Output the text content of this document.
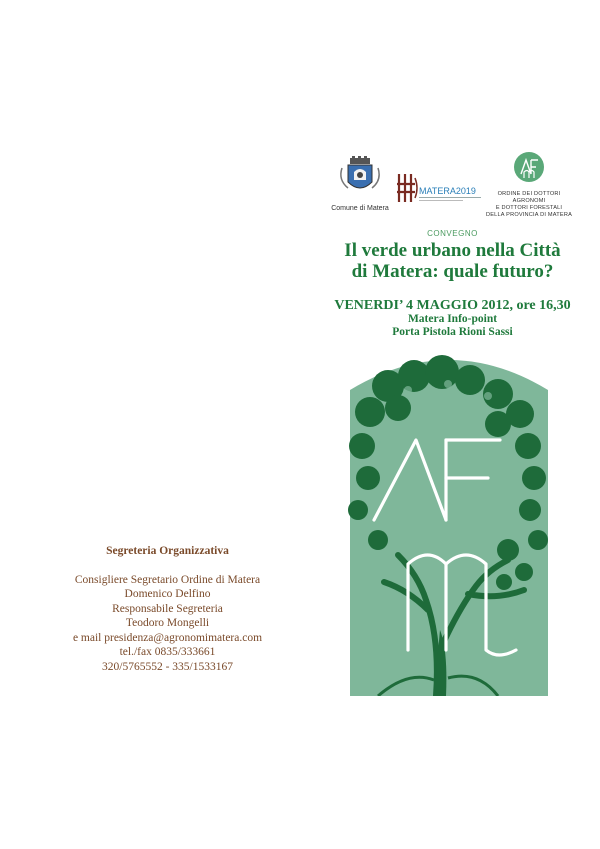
Comune di Matera
MATERA2019	ORDINE DEI DOTTORI AGRONOMI
E DOTTORI FORESTALI
DELLA PROVINCIA DI MATERA
CONVEGNO
Il verde urbano nella Città
di Matera: quale futuro?
VENERDI’ 4 MAGGIO 2012, ore 16,30
Matera Info-point
Porta Pistola Rioni Sassi
Segreteria Organizzativa
Consigliere Segretario Ordine di Matera
Domenico Delfino
Responsabile Segreteria
Teodoro Mongelli
e mail presidenza@agronomimatera.com
tel./fax 0835/333661
320/5765552 - 335/1533167
